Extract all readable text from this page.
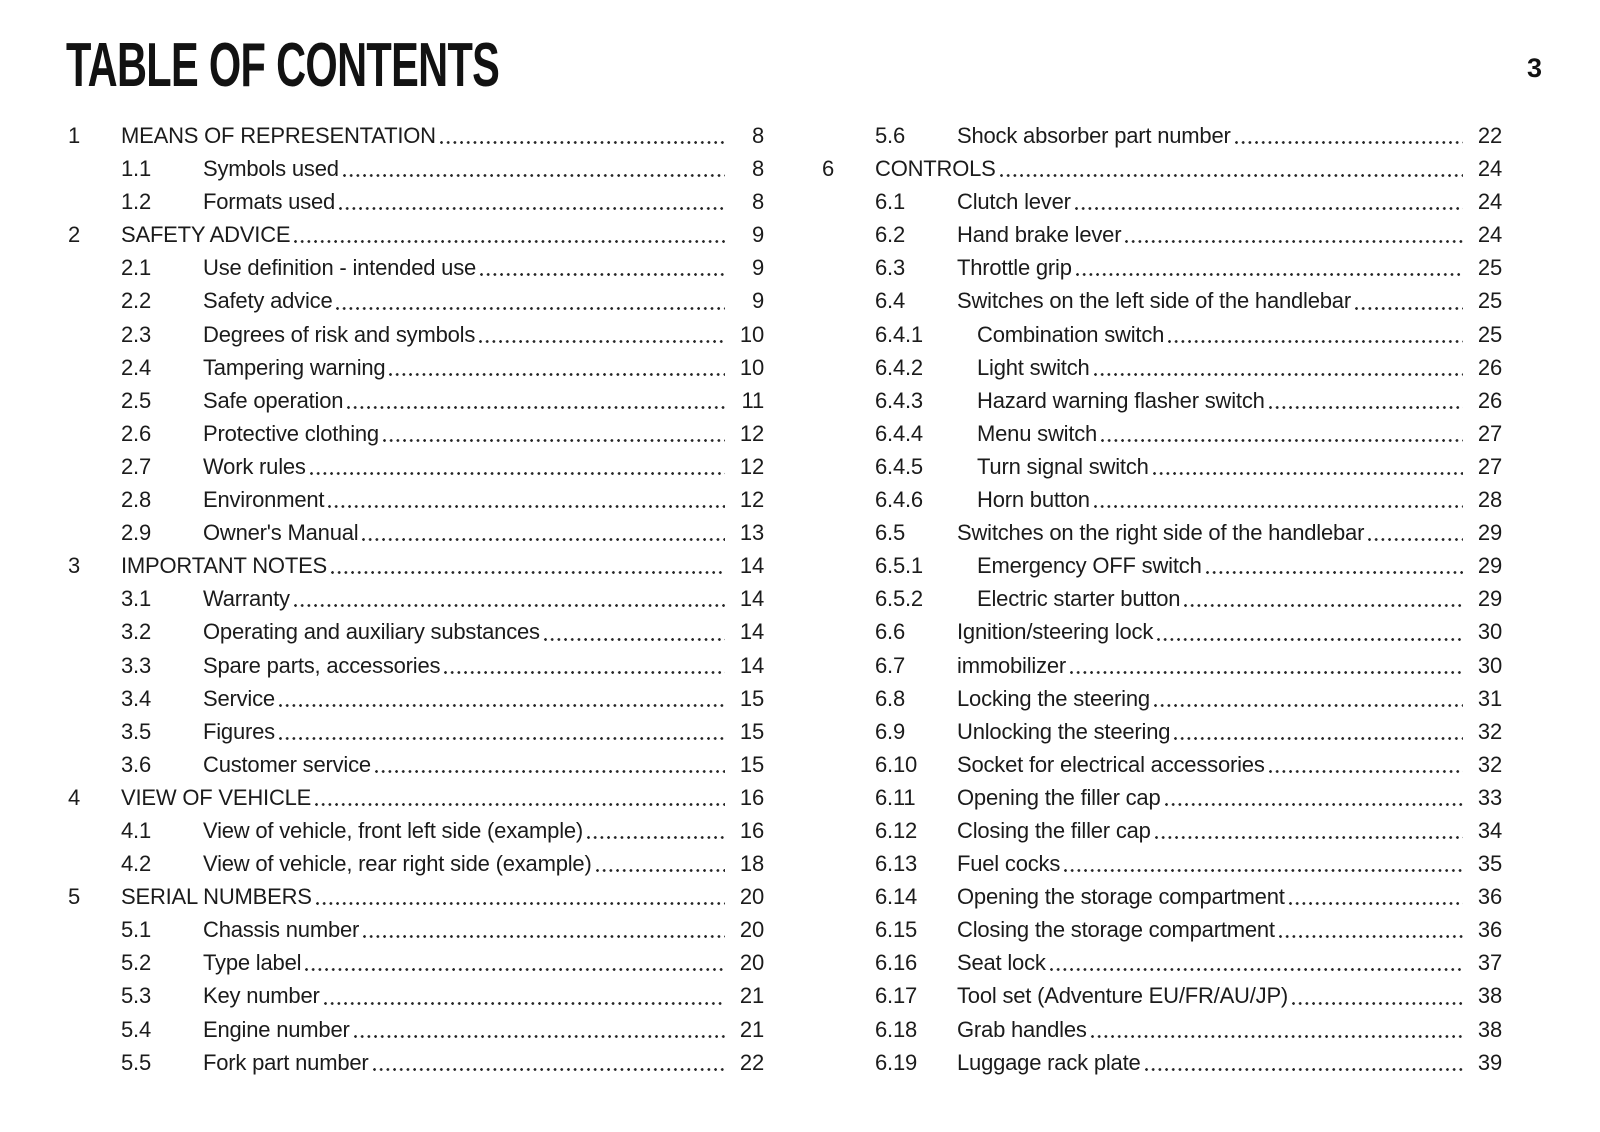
TABLE OF CONTENTS	3
1	MEANS OF REPRESENTATION	8
1.1	Symbols used	8
1.2	Formats used	8
2	SAFETY ADVICE	9
2.1	Use definition - intended use	9
2.2	Safety advice	9
2.3	Degrees of risk and symbols	10
2.4	Tampering warning	10
2.5	Safe operation	11
2.6	Protective clothing	12
2.7	Work rules	12
2.8	Environment	12
2.9	Owner's Manual	13
3	IMPORTANT NOTES	14
3.1	Warranty	14
3.2	Operating and auxiliary substances	14
3.3	Spare parts, accessories	14
3.4	Service	15
3.5	Figures	15
3.6	Customer service	15
4	VIEW OF VEHICLE	16
4.1	View of vehicle, front left side (example)	16
4.2	View of vehicle, rear right side (example)	18
5	SERIAL NUMBERS	20
5.1	Chassis number	20
5.2	Type label	20
5.3	Key number	21
5.4	Engine number	21
5.5	Fork part number	22
5.6	Shock absorber part number	22
6	CONTROLS	24
6.1	Clutch lever	24
6.2	Hand brake lever	24
6.3	Throttle grip	25
6.4	Switches on the left side of the handlebar	25
6.4.1	Combination switch	25
6.4.2	Light switch	26
6.4.3	Hazard warning flasher switch	26
6.4.4	Menu switch	27
6.4.5	Turn signal switch	27
6.4.6	Horn button	28
6.5	Switches on the right side of the handlebar	29
6.5.1	Emergency OFF switch	29
6.5.2	Electric starter button	29
6.6	Ignition/steering lock	30
6.7	immobilizer	30
6.8	Locking the steering	31
6.9	Unlocking the steering	32
6.10	Socket for electrical accessories	32
6.11	Opening the filler cap	33
6.12	Closing the filler cap	34
6.13	Fuel cocks	35
6.14	Opening the storage compartment	36
6.15	Closing the storage compartment	36
6.16	Seat lock	37
6.17	Tool set (Adventure EU/FR/AU/JP)	38
6.18	Grab handles	38
6.19	Luggage rack plate	39
